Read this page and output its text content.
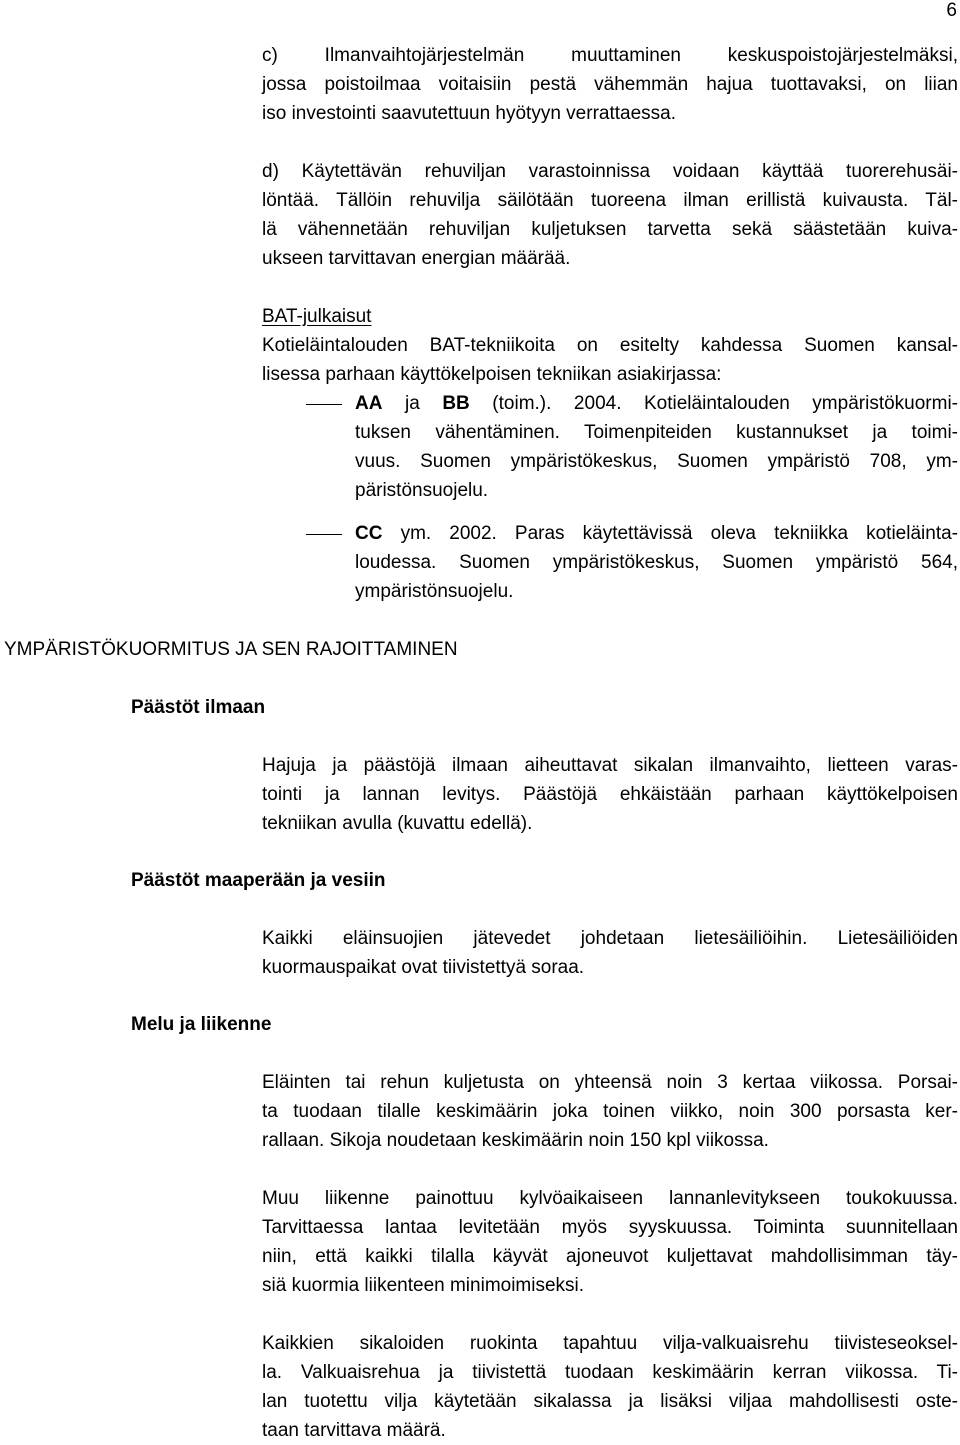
6
c) Ilmanvaihtojärjestelmän muuttaminen keskuspoistojärjestelmäksi,
jossa poistoilmaa voitaisiin pestä vähemmän hajua tuottavaksi, on liian
iso investointi saavutettuun hyötyyn verrattaessa.
d) Käytettävän rehuviljan varastoinnissa voidaan käyttää tuorerehusäi-
löntää. Tällöin rehuvilja säilötään tuoreena ilman erillistä kuivausta. Täl-
lä vähennetään rehuviljan kuljetuksen tarvetta sekä säästetään kuiva-
ukseen tarvittavan energian määrää.
BAT-julkaisut
Kotieläintalouden BAT-tekniikoita on esitelty kahdessa Suomen kansal-
lisessa parhaan käyttökelpoisen tekniikan asiakirjassa:
AA ja BB (toim.). 2004. Kotieläintalouden ympäristökuormi-
tuksen vähentäminen. Toimenpiteiden kustannukset ja toimi-
vuus. Suomen ympäristökeskus, Suomen ympäristö 708, ym-
päristönsuojelu.
CC ym. 2002. Paras käytettävissä oleva tekniikka kotieläinta-
loudessa. Suomen ympäristökeskus, Suomen ympäristö 564,
ympäristönsuojelu.
YMPÄRISTÖKUORMITUS JA SEN RAJOITTAMINEN
Päästöt ilmaan
Hajuja ja päästöjä ilmaan aiheuttavat sikalan ilmanvaihto, lietteen varas-
tointi ja lannan levitys. Päästöjä ehkäistään parhaan käyttökelpoisen
tekniikan avulla (kuvattu edellä).
Päästöt maaperään ja vesiin
Kaikki eläinsuojien jätevedet johdetaan lietesäiliöihin. Lietesäiliöiden
kuormauspaikat ovat tiivistettyä soraa.
Melu ja liikenne
Eläinten tai rehun kuljetusta on yhteensä noin 3 kertaa viikossa. Porsai-
ta tuodaan tilalle keskimäärin joka toinen viikko, noin 300 porsasta ker-
rallaan. Sikoja noudetaan keskimäärin noin 150 kpl viikossa.
Muu liikenne painottuu kylvöaikaiseen lannanlevitykseen toukokuussa.
Tarvittaessa lantaa levitetään myös syyskuussa. Toiminta suunnitellaan
niin, että kaikki tilalla käyvät ajoneuvot kuljettavat mahdollisimman täy-
siä kuormia liikenteen minimoimiseksi.
Kaikkien sikaloiden ruokinta tapahtuu vilja-valkuaisrehu tiivisteseoksel-
la. Valkuaisrehua ja tiivistettä tuodaan keskimäärin kerran viikossa. Ti-
lan tuotettu vilja käytetään sikalassa ja lisäksi viljaa mahdollisesti oste-
taan tarvittava määrä.
